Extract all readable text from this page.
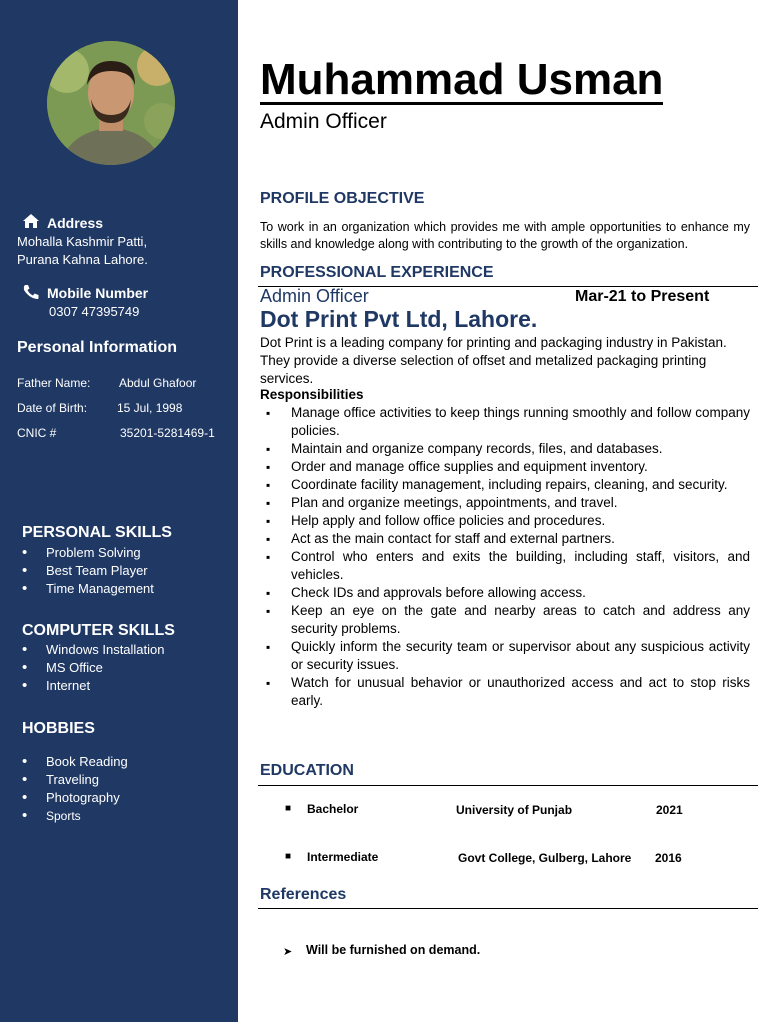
Address
Mohalla Kashmir Patti,
Purana Kahna Lahore.
Mobile Number
0307 47395749
Personal Information
Father Name: Abdul Ghafoor
Date of Birth: 15 Jul, 1998
CNIC #	35201-5281469-1
PERSONAL SKILLS
• Problem Solving
• Best Team Player
• Time Management
COMPUTER SKILLS
• Windows Installation
• MS Office
• Internet
HOBBIES
• Book Reading
• Traveling
• Photography
• Sports
Muhammad Usman
Admin Officer
PROFILE OBJECTIVE
To work in an organization which provides me with ample opportunities to enhance my skills and knowledge along with contributing to the growth of the organization.
PROFESSIONAL EXPERIENCE
Admin Officer	Mar-21 to Present
Dot Print Pvt Ltd, Lahore.
Dot Print is a leading company for printing and packaging industry in Pakistan. They provide a diverse selection of offset and metalized packaging printing services.
Responsibilities
▪ Manage office activities to keep things running smoothly and follow company policies.
▪ Maintain and organize company records, files, and databases.
▪ Order and manage office supplies and equipment inventory.
▪ Coordinate facility management, including repairs, cleaning, and security.
▪ Plan and organize meetings, appointments, and travel.
▪ Help apply and follow office policies and procedures.
▪ Act as the main contact for staff and external partners.
▪ Control who enters and exits the building, including staff, visitors, and vehicles.
▪ Check IDs and approvals before allowing access.
▪ Keep an eye on the gate and nearby areas to catch and address any security problems.
▪ Quickly inform the security team or supervisor about any suspicious activity or security issues.
▪ Watch for unusual behavior or unauthorized access and act to stop risks early.
EDUCATION
■ Bachelor	University of Punjab	2021
■ Intermediate	Govt College, Gulberg, Lahore 2016
References
➤ Will be furnished on demand.
